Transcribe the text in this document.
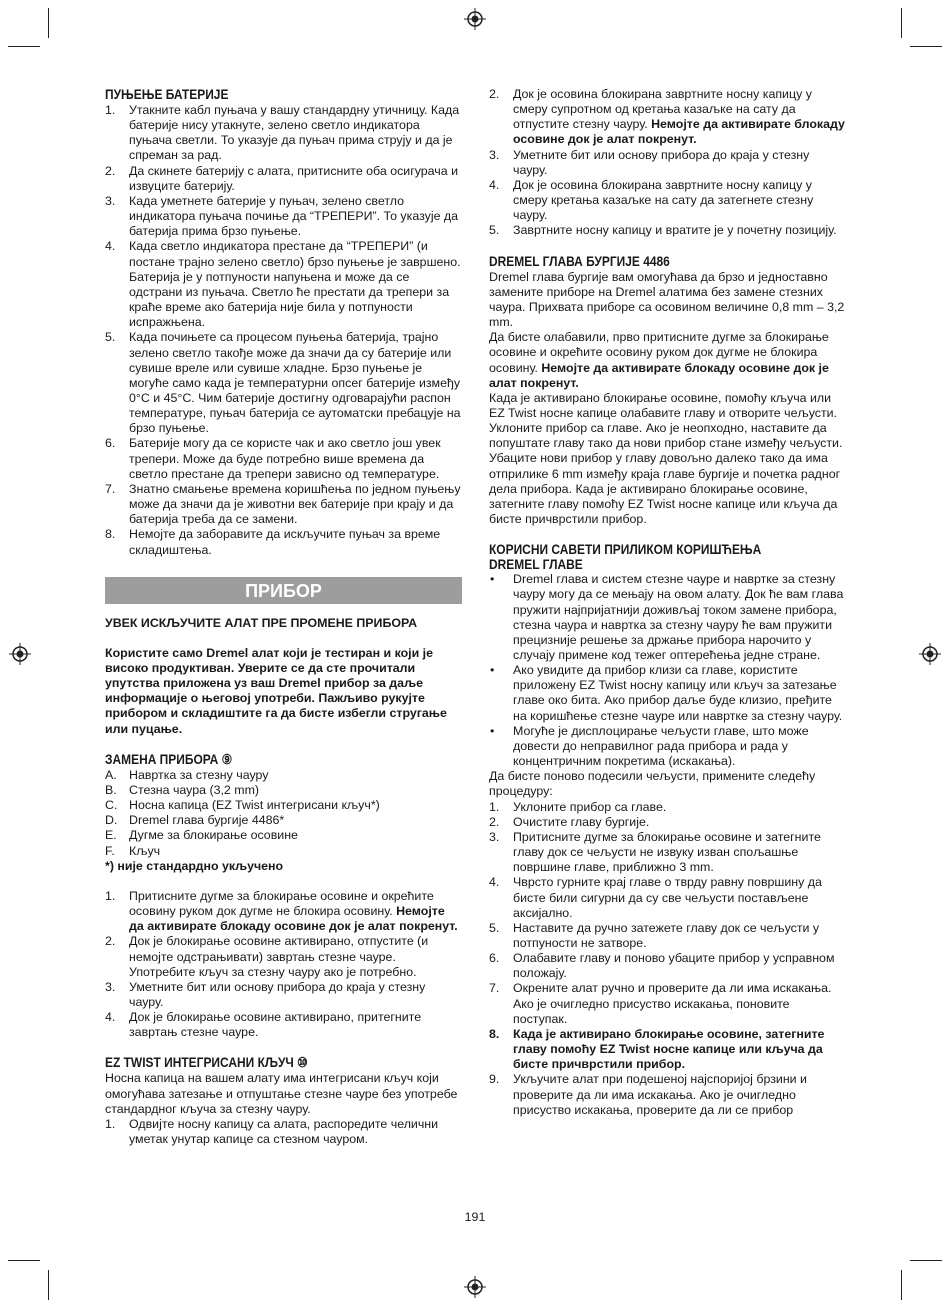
ПУЊЕЊЕ БАТЕРИЈЕ
1. Утакните кабл пуњача у вашу стандардну утичницу. Када батерије нису утакнуте, зелено светло индикатора пуњача светли. То указује да пуњач прима струју и да је спреман за рад.
2. Да скинете батерију с алата, притисните оба осигурача и извуците батерију.
3. Када уметнете батерије у пуњач, зелено светло индикатора пуњача почиње да “ТРЕПЕРИ”. То указује да батерија прима брзо пуњење.
4. Када светло индикатора престане да “ТРЕПЕРИ” (и постане трајно зелено светло) брзо пуњење је завршено. Батерија је у потпуности напуњена и може да се одстрани из пуњача. Светло ће престати да трепери за краће време ако батерија није била у потпуности испражњена.
5. Када почињете са процесом пуњења батерија, трајно зелено светло такође може да значи да су батерије или сувише вреле или сувише хладне. Брзо пуњење је могуће само када је температурни опсег батерије између 0°C и 45°C. Чим батерије достигну одговарајући распон температуре, пуњач батерија се аутоматски пребацује на брзо пуњење.
6. Батерије могу да се користе чак и ако светло још увек трепери. Може да буде потребно више времена да светло престане да трепери зависно од температуре.
7. Знатно смањење времена коришћења по једном пуњењу може да значи да је животни век батерије при крају и да батерија треба да се замени.
8. Немојте да заборавите да искључите пуњач за време складиштења.
ПРИБОР

УВЕК ИСКЉУЧИТЕ АЛАТ ПРЕ ПРОМЕНЕ ПРИБОРА

Користите само Dremel алат који је тестиран и који је високо продуктиван. Уверите се да сте прочитали упутства приложена уз ваш Dremel прибор за даље информације о његовој употреби. Пажљиво рукујте прибором и складиштите га да бисте избегли стругање или пуцање.

ЗАМЕНА ПРИБОРА ⑨
A. Навртка за стезну чауру
B. Стезна чаура (3,2 mm)
C. Носна капица (EZ Twist интегрисани кључ*)
D. Dremel глава бургије 4486*
E. Дугме за блокирање осовине
F. Кључ

*) није стандардно укључено

1. Притисните дугме за блокирање осовине и окрећите осовину руком док дугме не блокира осовину. Немојте да активирате блокаду осовине док је алат покренут.
2. Док је блокирање осовине активирано, отпустите (и немојте одстрањивати) завртањ стезне чауре. Употребите кључ за стезну чауру ако је потребно.
3. Уметните бит или основу прибора до краја у стезну чауру.
4. Док је блокирање осовине активирано, притегните завртањ стезне чауре.
EZ TWIST ИНТЕГРИСАНИ КЉУЧ ⑩

Носна капица на вашем алату има интегрисани кључ који омогућава затезање и отпуштање стезне чауре без употребе стандардног кључа за стезну чауру.

1. Одвијте носну капицу са алата, распоредите челични уметак унутар капице са стезном чауром.
2. Док је осовина блокирана завртните носну капицу у смеру супротном од кретања казаљке на сату да отпустите стезну чауру. Немојте да активирате блокаду осовине док је алат покренут.
3. Уметните бит или основу прибора до краја у стезну чауру.
4. Док је осовина блокирана завртните носну капицу у смеру кретања казаљке на сату да затегнете стезну чауру.
5. Завртните носну капицу и вратите је у почетну позицију.
DREMEL ГЛАВА БУРГИЈЕ 4486

Dremel глава бургије вам омогућава да брзо и једноставно замените приборе на Dremel алатима без замене стезних чаура. Прихвата приборе са осовином величине 0,8 mm – 3,2 mm.

Да бисте олабавили, прво притисните дугме за блокирање осовине и окрећите осовину руком док дугме не блокира осовину. Немојте да активирате блокаду осовине док је алат покренут.

Када је активирано блокирање осовине, помоћу кључа или EZ Twist носне капице олабавите главу и отворите чељусти.

Уклоните прибор са главе. Ако је неопходно, наставите да попуштате главу тако да нови прибор стане између чељусти. Убаците нови прибор у главу довољно далеко тако да има отприлике 6 mm између краја главе бургије и почетка радног дела прибора. Када је активирано блокирање осовине, затегните главу помоћу EZ Twist носне капице или кључа да бисте причврстили прибор.

КОРИСНИ САВЕТИ ПРИЛИКОМ КОРИШЋЕЊА
DREMEL ГЛАВЕ
• Dremel глава и систем стезне чауре и навртке за стезну чауру могу да се мењају на овом алату. Док ће вам глава пружити најпријатнији доживљај током замене прибора, стезна чаура и навртка за стезну чауру ће вам пружити прецизније решење за држање прибора нарочито у случају примене код тежег оптерећења једне стране.
• Ако увидите да прибор клизи са главе, користите приложену EZ Twist носну капицу или кључ за затезање главе око бита. Ако прибор даље буде клизио, пређите на коришћење стезне чауре или навртке за стезну чауру.
• Могуће је дисплоцирање чељусти главе, што може довести до неправилног рада прибора и рада у концентричним покретима (искакања).

Да бисте поново подесили чељусти, примените следећу процедуру:

1. Уклоните прибор са главе.
2. Очистите главу бургије.
3. Притисните дугме за блокирање осовине и затегните главу док се чељусти не извуку изван спољашње површине главе, приближно 3 mm.
4. Чврсто гурните крај главе о тврду равну површину да бисте били сигурни да су све чељусти постављене аксијално.
5. Наставите да ручно затежете главу док се чељусти у потпуности не затворе.
6. Олабавите главу и поново убаците прибор у усправном положају.
7. Окрените алат ручно и проверите да ли има искакања. Ако је очигледно присуство искакања, поновите поступак.
8. Када је активирано блокирање осовине, затегните главу помоћу EZ Twist носне капице или кључа да бисте причврстили прибор.
9. Укључите алат при подешеној најспоријој брзини и проверите да ли има искакања. Ако је очигледно присуство искакања, проверите да ли се прибор
191
